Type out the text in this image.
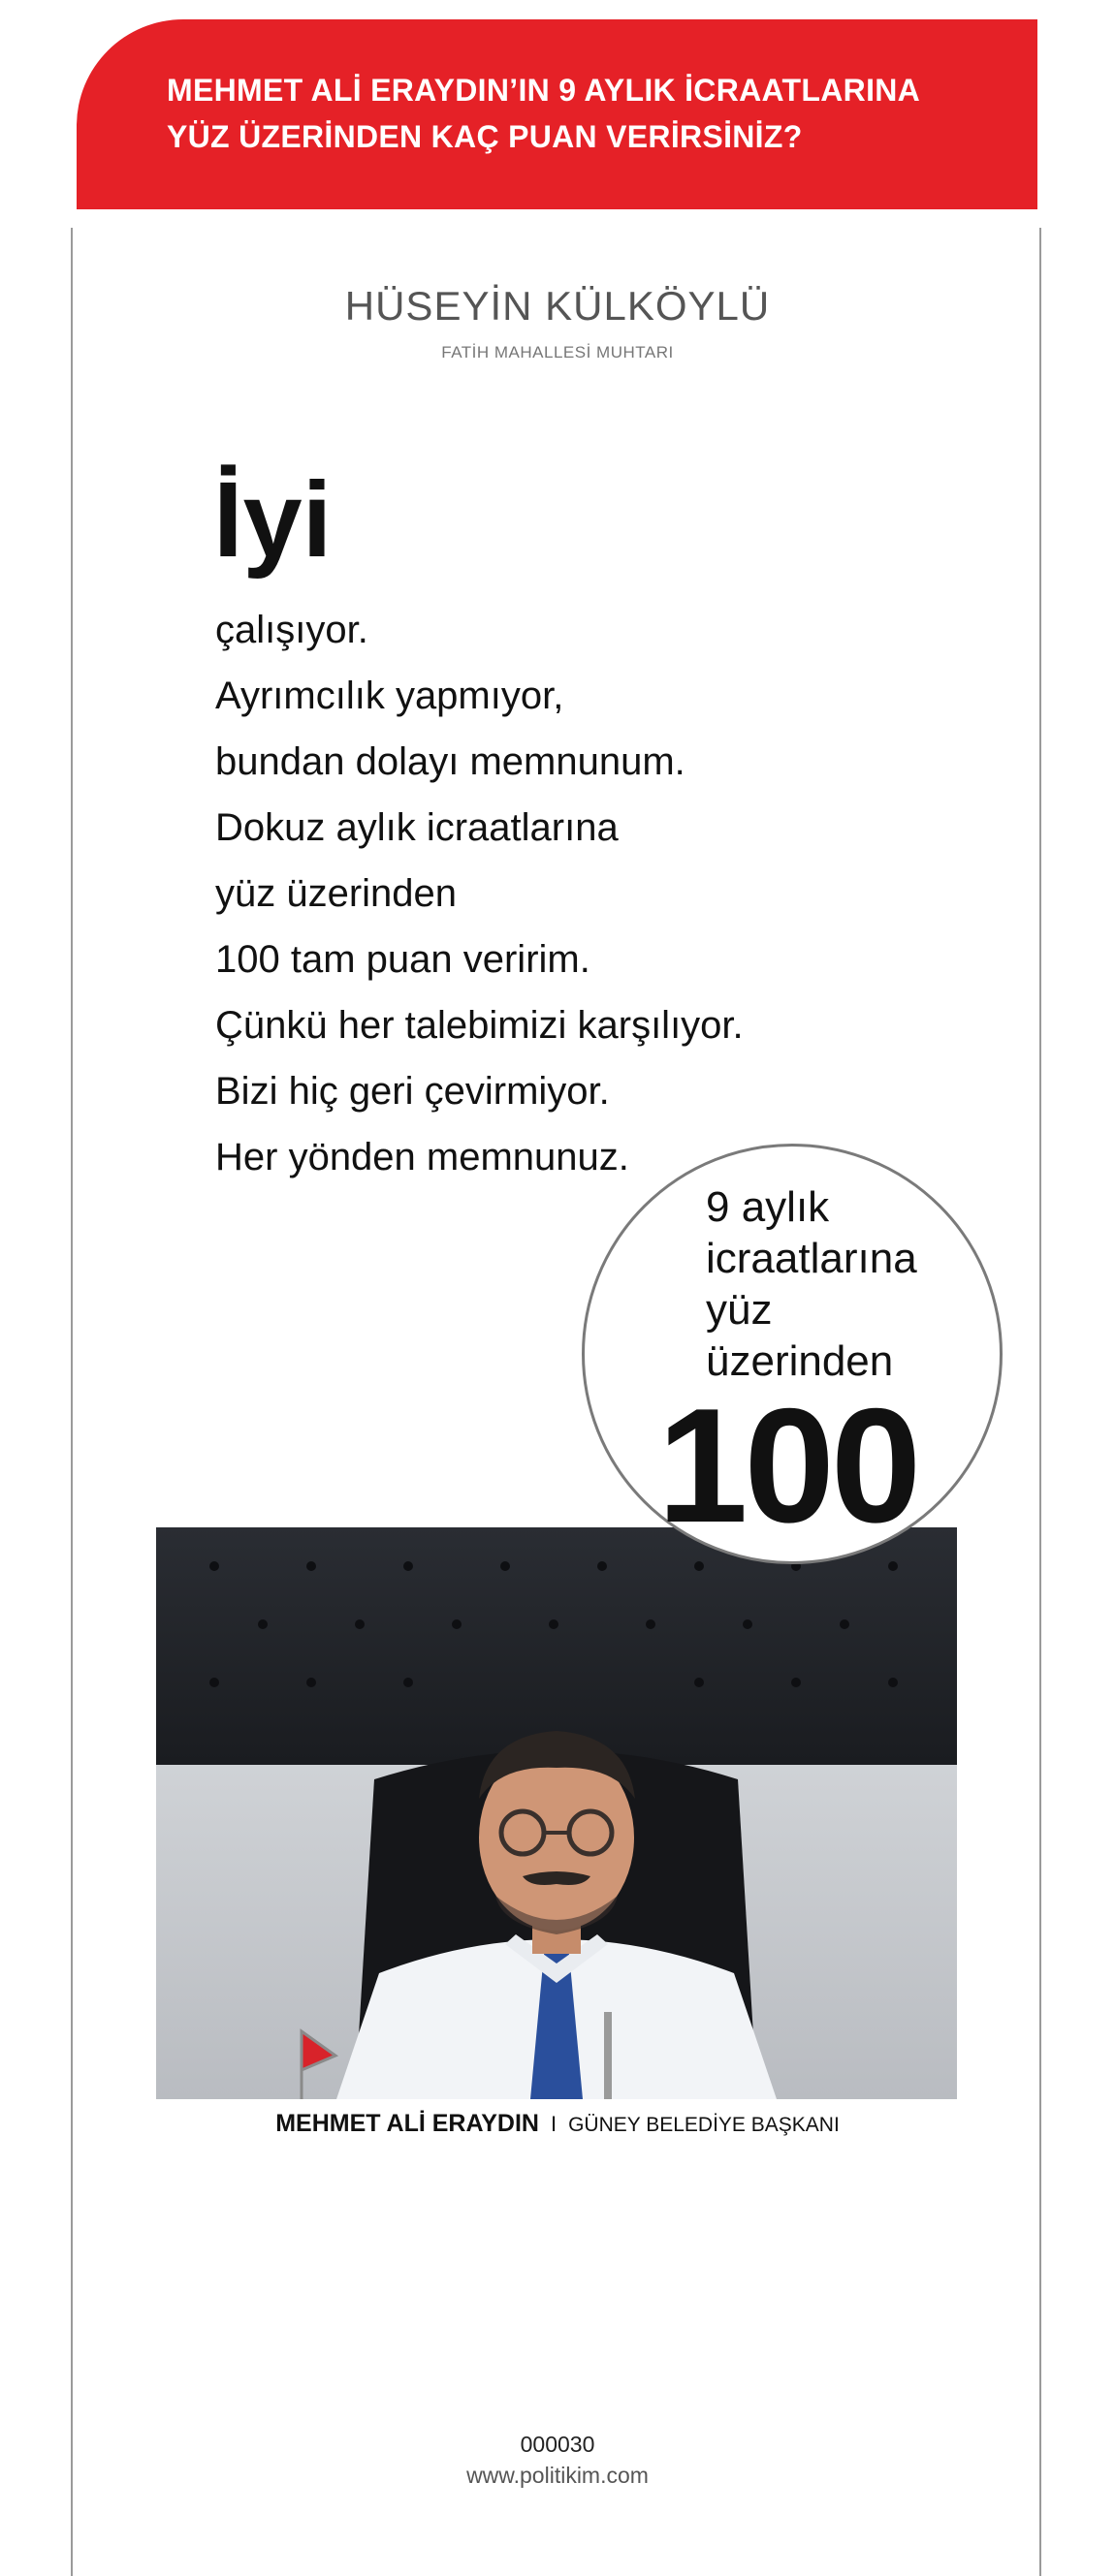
MEHMET ALİ ERAYDIN’IN 9 AYLIK İCRAATLARINA
YÜZ ÜZERİNDEN KAÇ PUAN VERİRSİNİZ?
HÜSEYİN KÜLKÖYLÜ
FATİH MAHALLESİ MUHTARI
İyi
çalışıyor.
Ayrımcılık yapmıyor,
bundan dolayı memnunum.
Dokuz aylık icraatlarına
yüz üzerinden
100 tam puan veririm.
Çünkü her talebimizi karşılıyor.
Bizi hiç geri çevirmiyor.
Her yönden memnunuz.
9 aylık
icraatlarına
yüz
üzerinden
100
MEHMET ALİ ERAYDIN I GÜNEY BELEDİYE BAŞKANI
000030
www.politikim.com
